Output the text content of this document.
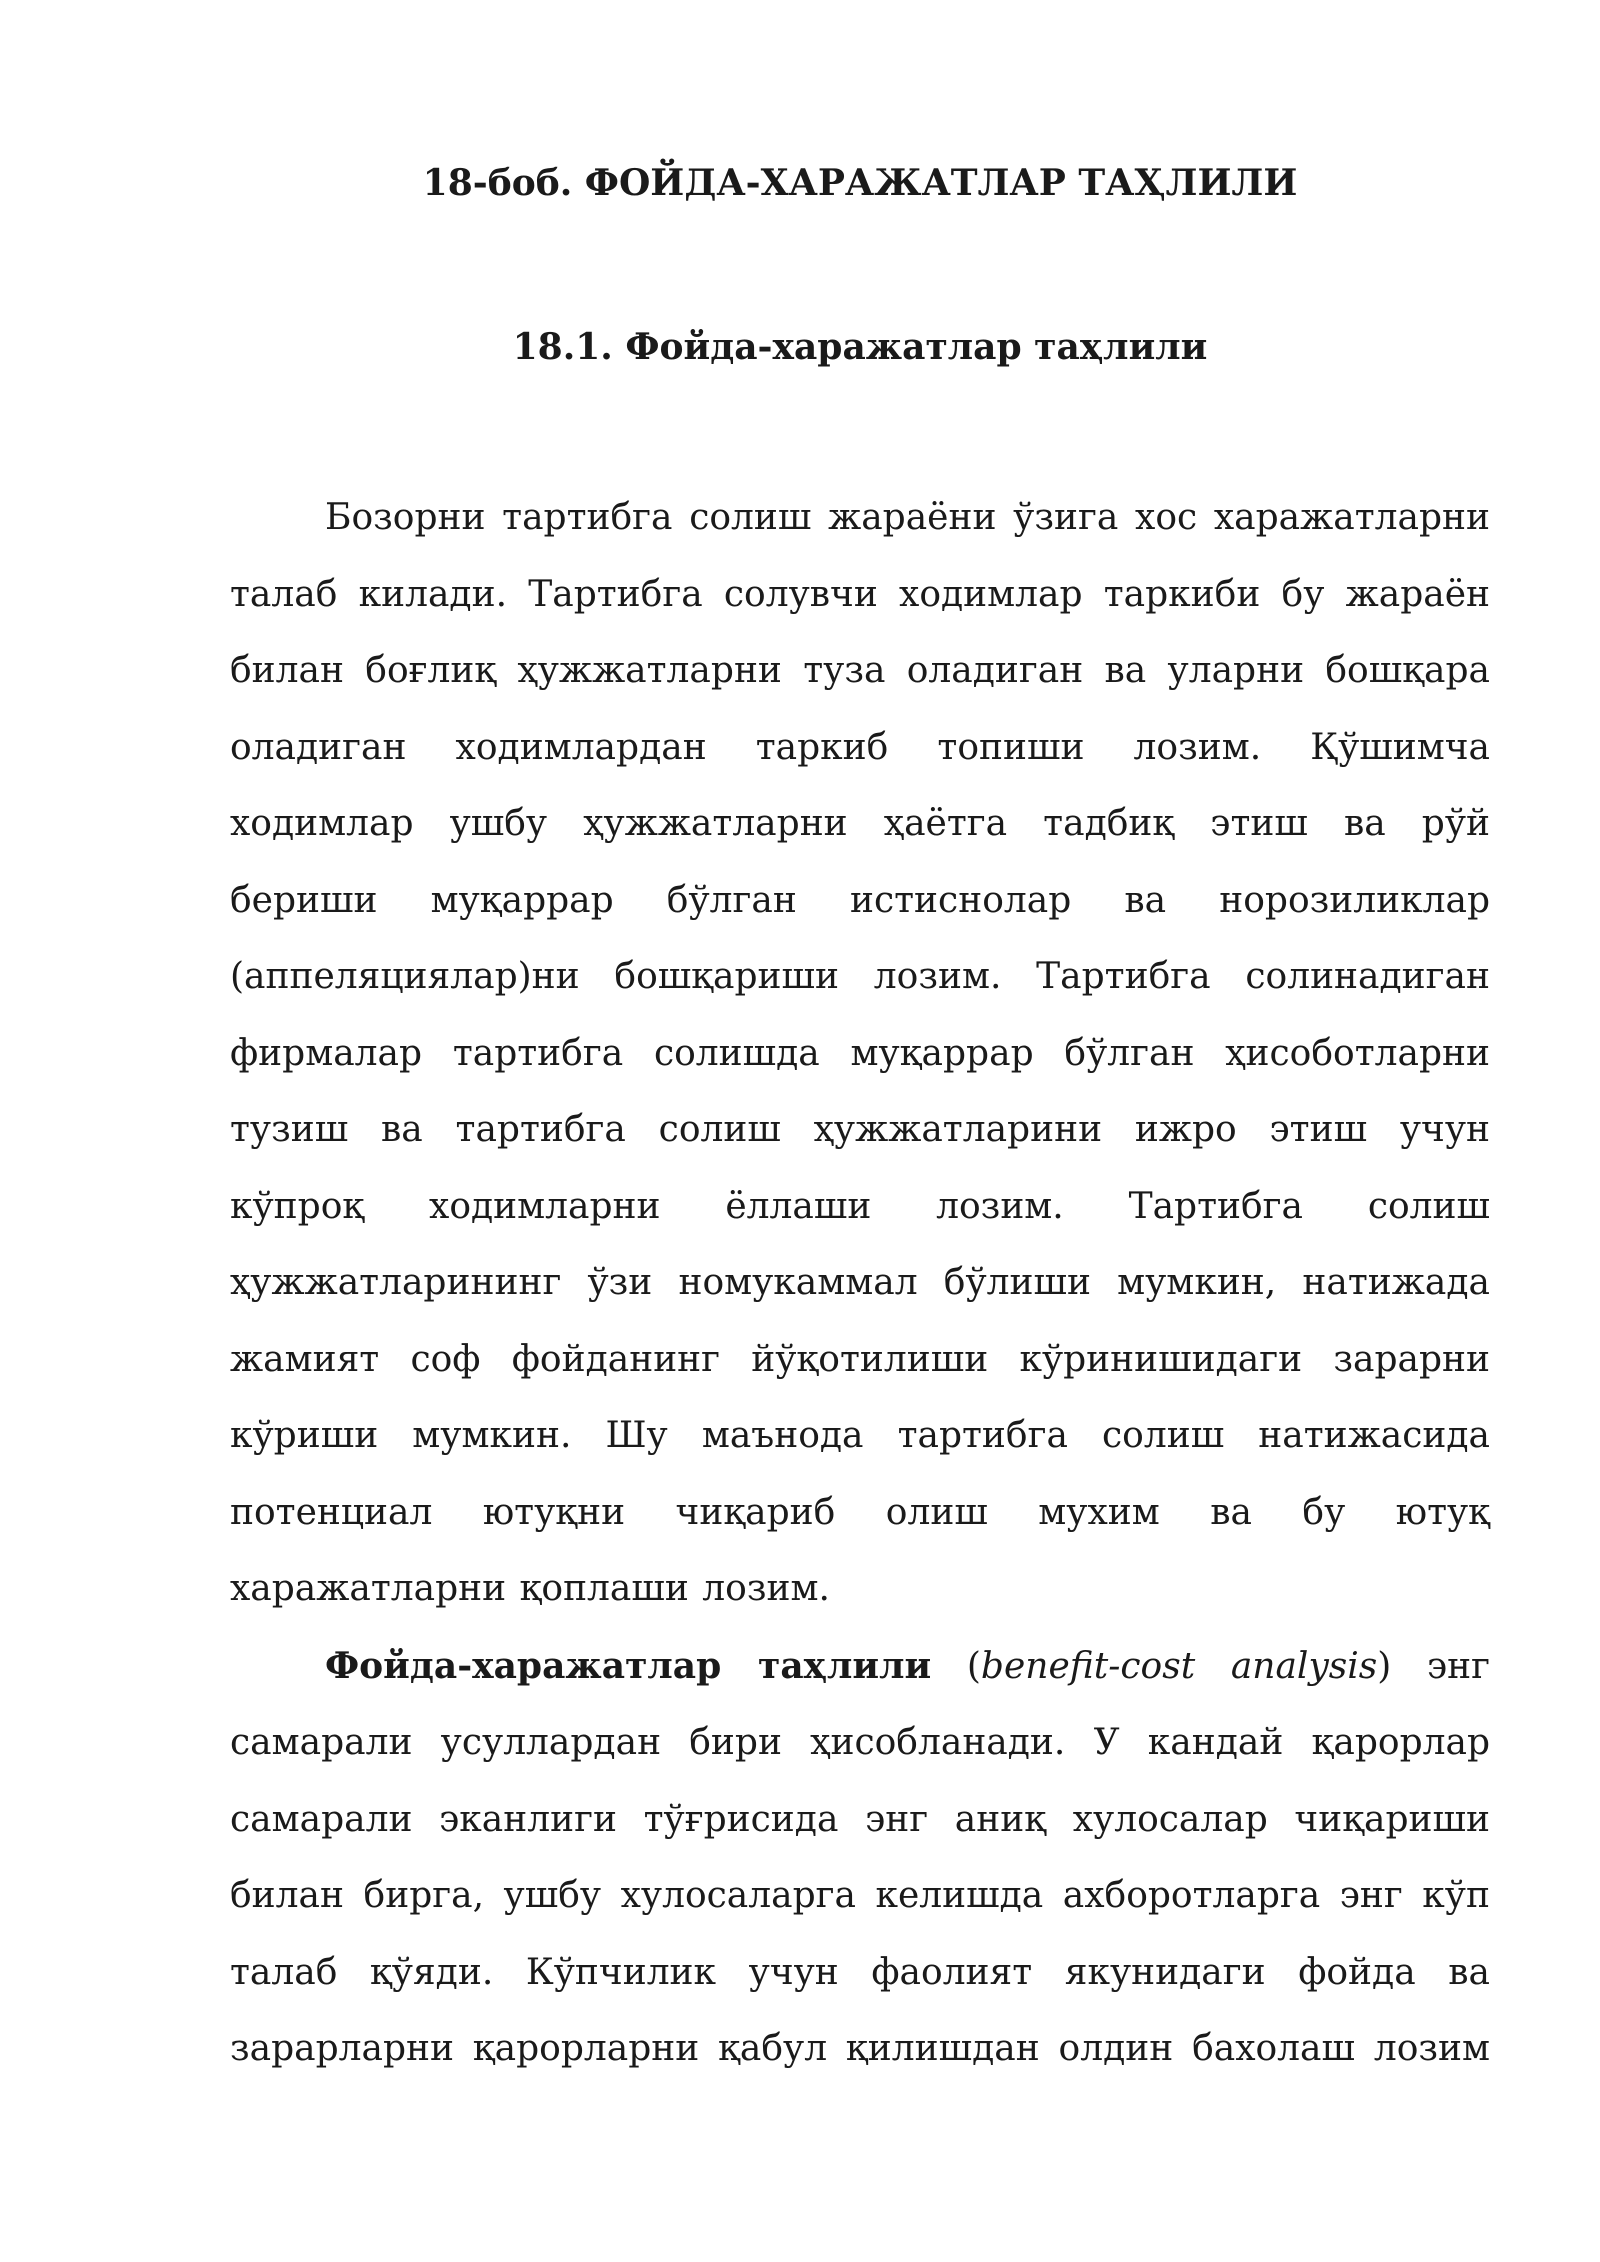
18-боб. ФОЙДА-ХАРАЖАТЛАР ТАҲЛИЛИ
18.1. Фойда-харажатлар таҳлили

Бозорни тартибга солиш жараёни ўзига хос харажатларни талаб килади. Тартибга солувчи ходимлар таркиби бу жараён билан боғлиқ ҳужжатларни туза оладиган ва уларни бошқара оладиган ходимлардан таркиб топиши лозим. Қўшимча ходимлар ушбу ҳужжатларни ҳаётга тадбиқ этиш ва рўй бериши муқаррар бўлган истиснолар ва норозиликлар (аппеляциялар)ни бошқариши лозим. Тартибга солинадиган фирмалар тартибга солишда муқаррар бўлган ҳисоботларни тузиш ва тартибга солиш ҳужжатларини ижро этиш учун кўпроқ ходимларни ёллаши лозим. Тартибга солиш ҳужжатларининг ўзи номукаммал бўлиши мумкин, натижада жамият соф фойданинг йўқотилиши кўринишидаги зарарни кўриши мумкин. Шу маънода тартибга солиш натижасида потенциал ютуқни чиқариб олиш мухим ва бу ютуқ харажатларни қоплаши лозим.

Фойда-харажатлар таҳлили (benefit-cost analysis) энг самарали усуллардан бири ҳисобланади. У кандай қарорлар самарали эканлиги тўғрисида энг аниқ хулосалар чиқариши билан бирга, ушбу хулосаларга келишда ахборотларга энг кўп талаб қўяди. Кўпчилик учун фаолият якунидаги фойда ва зарарларни қарорларни қабул қилишдан олдин бахолаш лозим
